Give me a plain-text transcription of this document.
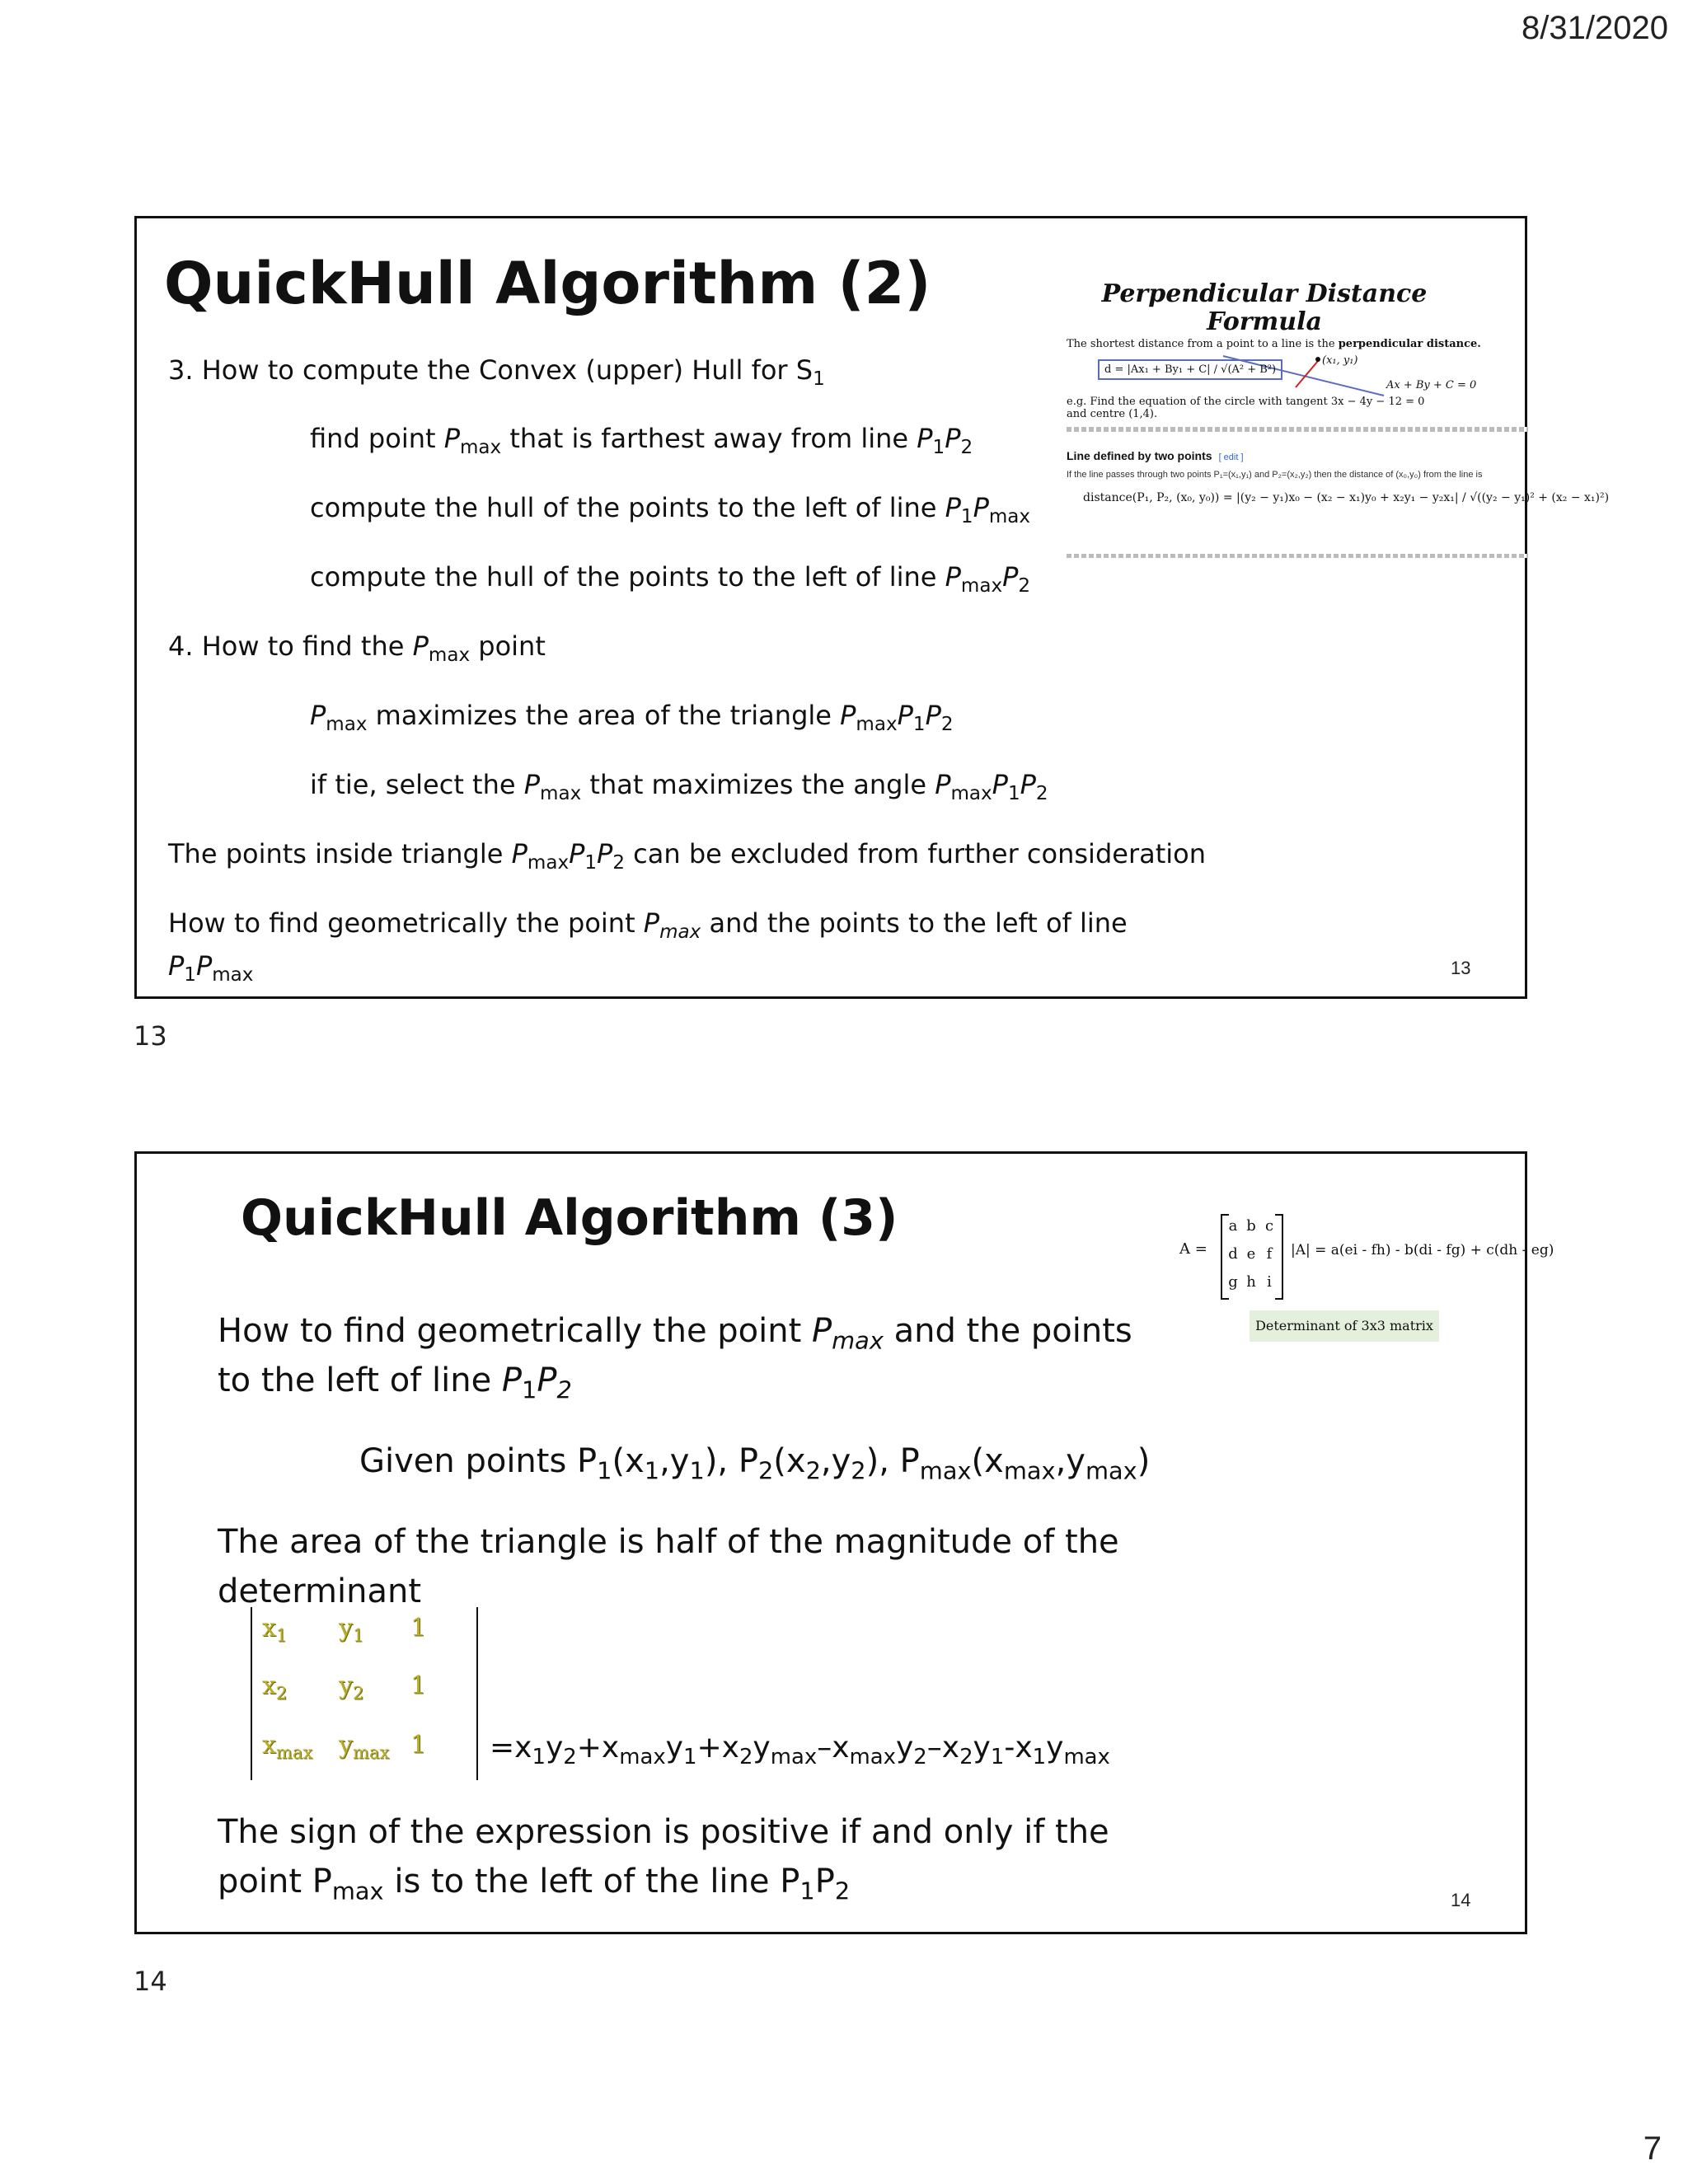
8/31/2020
QuickHull Algorithm (2)
3. How to compute the Convex (upper) Hull for $S_1$
find point $P_{max}$ that is farthest away from line $P_1P_2$
compute the hull of the points to the left of line $P_1P_{max}$
compute the hull of the points to the left of line $P_{max}P_2$
4. How to find the $P_{max}$ point
$P_{max}$ maximizes the area of the triangle $P_{max}P_1P_2$
if tie, select the $P_{max}$ that maximizes the angle $P_{max}P_1P_2$
The points inside triangle $P_{max}P_1P_2$ can be excluded from further consideration
How to find geometrically the point $P_{max}$ and the points to the left of line
$P_1P_{max}$	13
Perpendicular Distance Formula
The shortest distance from a point to a line is the perpendicular distance.
(x₁, y₁)
d = |Ax₁ + By₁ + C| / √(A² + B²)
Ax + By + C = 0
e.g. Find the equation of the circle with tangent 3x − 4y − 12 = 0 and centre (1,4).
Line defined by two points [ edit ]
If the line passes through two points P₁=(x₁,y₁) and P₂=(x₂,y₂) then the distance of (x₀,y₀) from the line is
distance(P₁, P₂, (x₀, y₀)) = |(y₂ − y₁)x₀ − (x₂ − x₁)y₀ + x₂y₁ − y₂x₁| / √((y₂ − y₁)² + (x₂ − x₁)²)
13
QuickHull Algorithm (3)
How to find geometrically the point $P_{max}$ and the points
to the left of line $P_1P_2$
Given points $P_1(x_1,y_1)$, $P_2(x_2,y_2)$, $P_{max}(x_{max},y_{max})$
The area of the triangle is half of the magnitude of the
determinant
$x_1$ $y_1$ 1
$x_2$ $y_2$ 1
$x_{max}$ $y_{max}$ $1 =x_1y_2+x_{max}y_1+x_2y_{max}-x_{max}y_2-x_2y_1-x_1y_{max}$
The sign of the expression is positive if and only if the
point $P_{max}$ is to the left of the line $P_1P_2$	14
A =
a b c
d e f
g h i
|A| = a(ei - fh) - b(di - fg) + c(dh - eg)
Determinant of 3x3 matrix
14
7
